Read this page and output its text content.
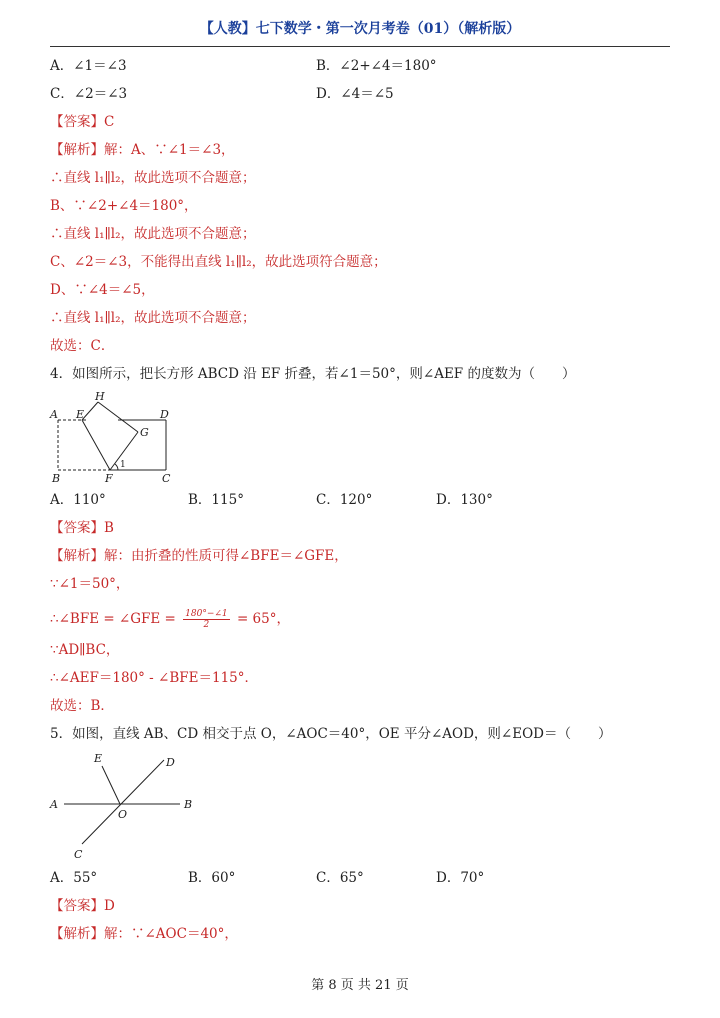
【人教】七下数学・第一次月考卷（01）（解析版）
A．∠1＝∠3	B．∠2+∠4＝180°
C．∠2＝∠3	D．∠4＝∠5
【答案】C
【解析】解：A、∵∠1＝∠3，
∴直线 l₁∥l₂，故此选项不合题意；
B、∵∠2+∠4＝180°，
∴直线 l₁∥l₂，故此选项不合题意；
C、∠2＝∠3，不能得出直线 l₁∥l₂，故此选项符合题意；
D、∵∠4＝∠5，
∴直线 l₁∥l₂，故此选项不合题意；
故选：C．
4．如图所示，把长方形 ABCD 沿 EF 折叠，若∠1＝50°，则∠AEF 的度数为（　　）
A E
H
D
G
B	F	C
1
A．110°	B．115°	C．120°	D．130°
【答案】B
【解析】解：由折叠的性质可得∠BFE＝∠GFE，
∵∠1＝50°，
∴∠BFE = ∠GFE = $\frac{180^\circ-\angle 1}{2} = 65^\circ$，
∵AD∥BC，
∴∠AEF＝180° - ∠BFE＝115°．
故选：B．
5．如图，直线 AB、CD 相交于点 O，∠AOC＝40°，OE 平分∠AOD，则∠EOD＝（　　）
A	B
C
D
E
O
A．55°	B．60°	C．65°	D．70°
【答案】D
【解析】解：∵∠AOC＝40°，
第 8 页 共 21 页
